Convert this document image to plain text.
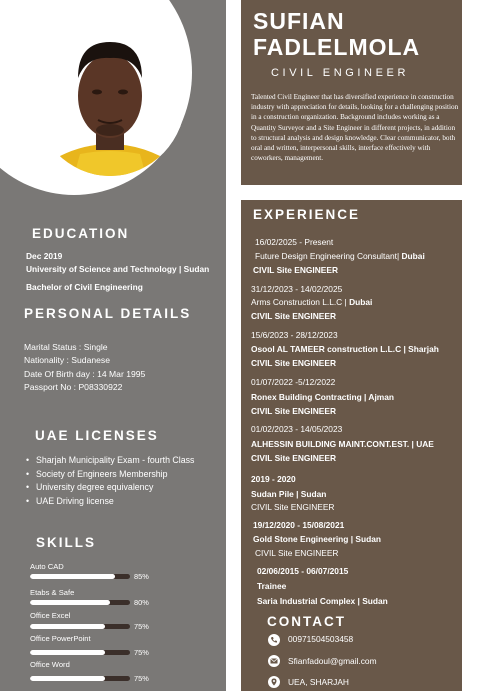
EDUCATION
Dec 2019
University of Science and Technology | Sudan
Bachelor of Civil Engineering
PERSONAL DETAILS
Marital Status : Single
Nationality : Sudanese
Date Of Birth day : 14 Mar 1995
Passport No : P08330922
UAE LICENSES
• Sharjah Municipality Exam - fourth Class
• Society of Engineers Membership
• University degree equivalency
• UAE Driving license
SKILLS
Auto CAD
85%
Etabs & Safe
80%
Office Excel
75%
Office PowerPoint
75%
Office Word
75%
SUFIAN
FADLELMOLA
CIVIL ENGINEER
Talented Civil Engineer that has diversified experience in construction industry with appreciation for details, looking for a challenging position in a construction organization. Background includes working as a Quantity Surveyor and a Site Engineer in different projects, in addition to structural analysis and design knowledge. Clear communicator, both oral and written, interpersonal skills, interface effectively with coworkers, management.
EXPERIENCE
16/02/2025 - Present
Future Design Engineering Consultant| Dubai
CIVIL Site ENGINEER
31/12/2023 - 14/02/2025
Arms Construction L.L.C | Dubai
CIVIL Site ENGINEER
15/6/2023 - 28/12/2023
Osool AL TAMEER construction L.L.C | Sharjah
CIVIL Site ENGINEER
01/07/2022 -5/12/2022
Ronex Building Contracting | Ajman
CIVIL Site ENGINEER
01/02/2023 - 14/05/2023
ALHESSIN BUILDING MAINT.CONT.EST. | UAE
CIVIL Site ENGINEER
2019 - 2020
Sudan Pile | Sudan
CIVIL Site ENGINEER
19/12/2020 - 15/08/2021
Gold Stone Engineering | Sudan
CIVIL Site ENGINEER
02/06/2015 - 06/07/2015
Trainee
Saria Industrial Complex | Sudan
CONTACT
00971504503458
Sfianfadoul@gmail.com
UEA, SHARJAH
